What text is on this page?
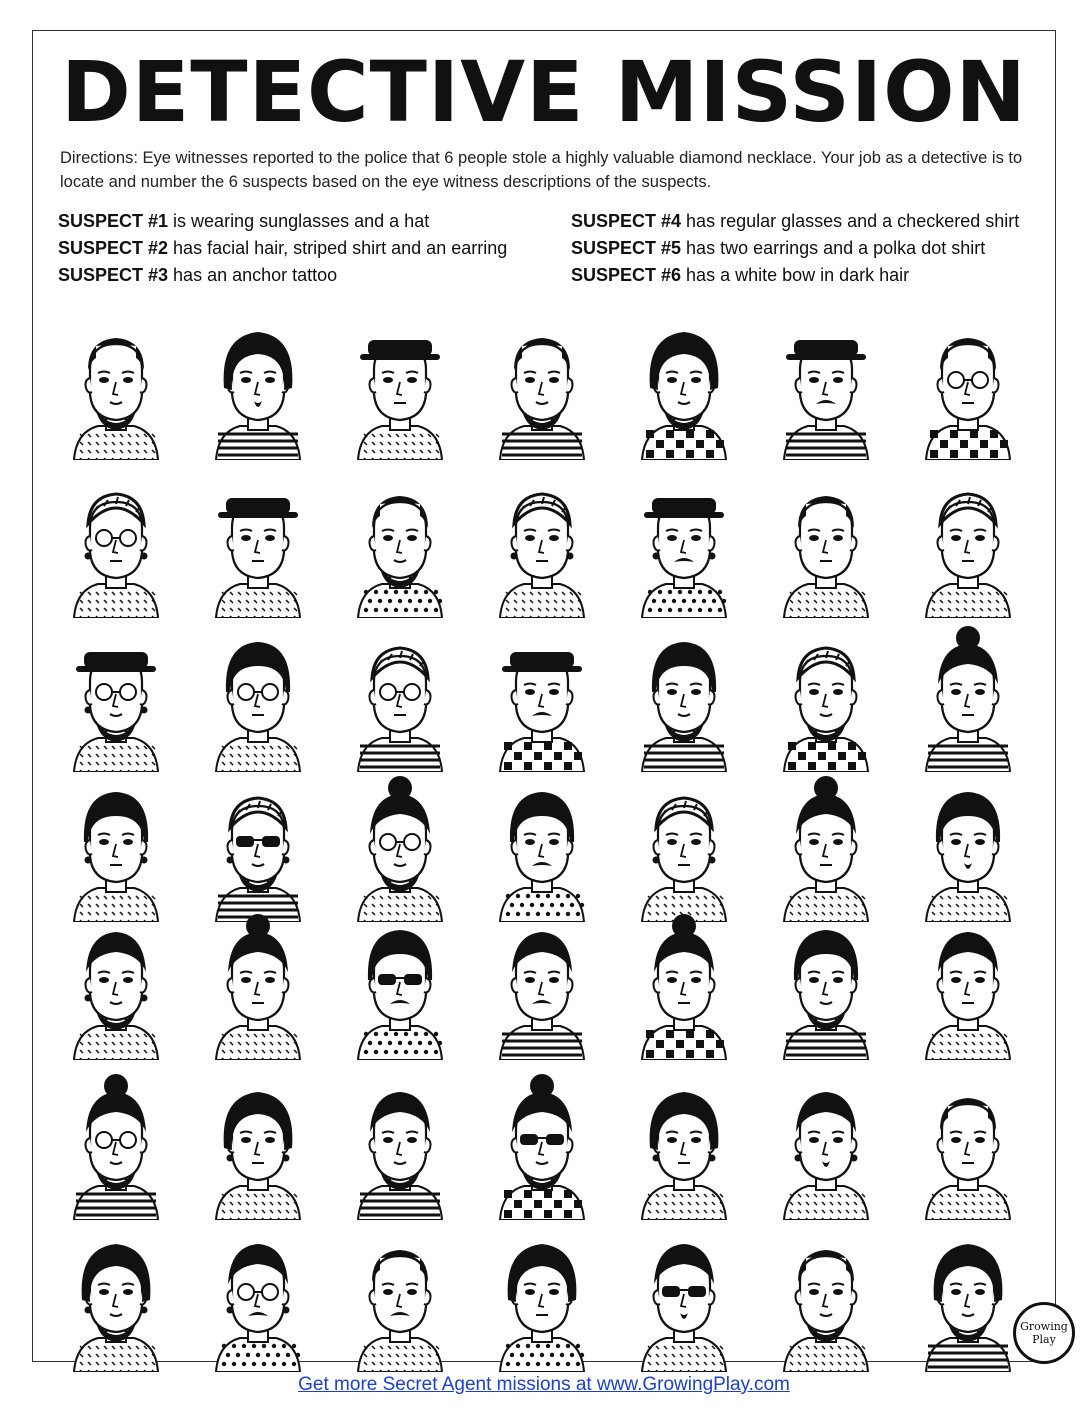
DETECTIVE MISSION

Directions: Eye witnesses reported to the police that 6 people stole a highly valuable diamond necklace. Your job as a detective is to locate and number the 6 suspects based on the eye witness descriptions of the suspects.

SUSPECT #1 is wearing sunglasses and a hat
SUSPECT #2 has facial hair, striped shirt and an earring
SUSPECT #3 has an anchor tattoo
SUSPECT #4 has regular glasses and a checkered shirt
SUSPECT #5 has two earrings and a polka dot shirt
SUSPECT #6 has a white bow in dark hair
Get more Secret Agent missions at www.GrowingPlay.com
Growing
Play
